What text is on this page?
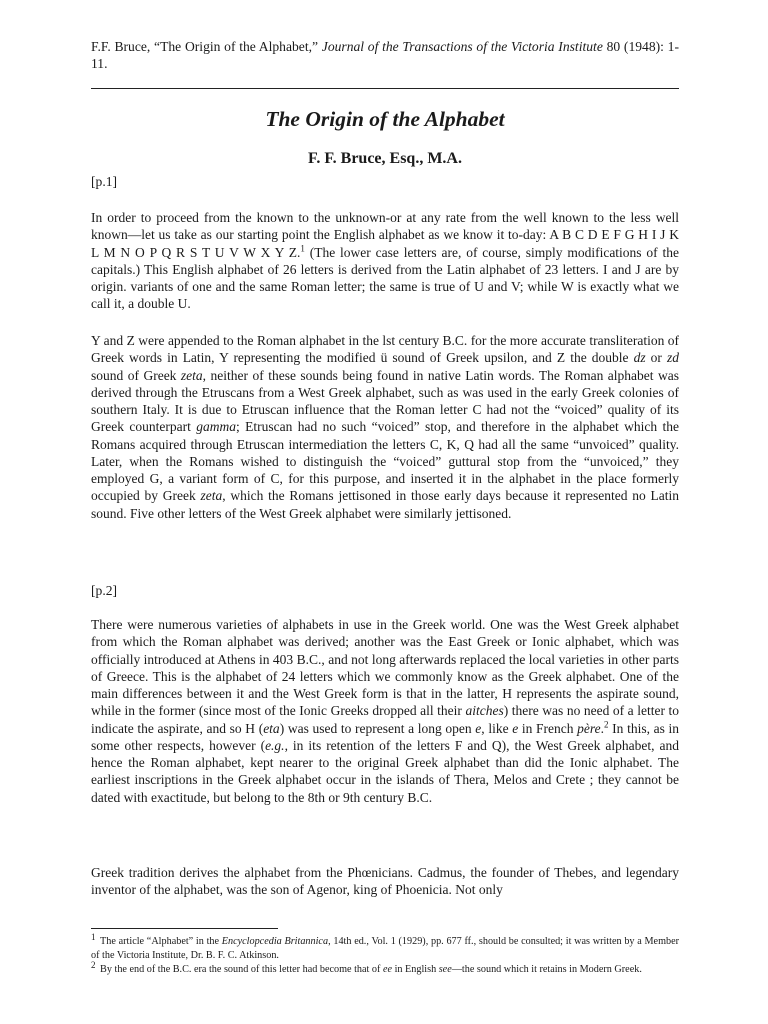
F.F. Bruce, “The Origin of the Alphabet,” Journal of the Transactions of the Victoria Institute 80 (1948): 1-11.
The Origin of the Alphabet
F. F. Bruce, Esq., M.A.
[p.1]

In order to proceed from the known to the unknown-or at any rate from the well known to the less well known—let us take as our starting point the English alphabet as we know it to-day: A B C D E F G H I J K L M N O P Q R S T U V W X Y Z.$^1$ (The lower case letters are, of course, simply modifications of the capitals.) This English alphabet of 26 letters is derived from the Latin alphabet of 23 letters. I and J are by origin. variants of one and the same Roman letter; the same is true of U and V; while W is exactly what we call it, a double U.

Y and Z were appended to the Roman alphabet in the lst century B.C. for the more accurate transliteration of Greek words in Latin, Y representing the modified ü sound of Greek upsilon, and Z the double dz or zd sound of Greek zeta, neither of these sounds being found in native Latin words. The Roman alphabet was derived through the Etruscans from a West Greek alphabet, such as was used in the early Greek colonies of southern Italy. It is due to Etruscan influence that the Roman letter C had not the “voiced” quality of its Greek counterpart gamma; Etruscan had no such “voiced” stop, and therefore in the alphabet which the Romans acquired through Etruscan intermediation the letters C, K, Q had all the same “unvoiced” quality. Later, when the Romans wished to distinguish the “voiced” guttural stop from the “unvoiced,” they employed G, a variant form of C, for this purpose, and inserted it in the alphabet in the place formerly occupied by Greek zeta, which the Romans jettisoned in those early days because it represented no Latin sound. Five other letters of the West Greek alphabet were similarly jettisoned.

[p.2]

There were numerous varieties of alphabets in use in the Greek world. One was the West Greek alphabet from which the Roman alphabet was derived; another was the East Greek or Ionic alphabet, which was officially introduced at Athens in 403 B.C., and not long afterwards replaced the local varieties in other parts of Greece. This is the alphabet of 24 letters which we commonly know as the Greek alphabet. One of the main differences between it and the West Greek form is that in the latter, H represents the aspirate sound, while in the former (since most of the Ionic Greeks dropped all their aitches) there was no need of a letter to indicate the aspirate, and so H (eta) was used to represent a long open e, like e in French père.$^2$ In this, as in some other respects, however (e.g., in its retention of the letters F and Q), the West Greek alphabet, and hence the Roman alphabet, kept nearer to the original Greek alphabet than did the Ionic alphabet. The earliest inscriptions in the Greek alphabet occur in the islands of Thera, Melos and Crete ; they cannot be dated with exactitude, but belong to the 8th or 9th century B.C.

Greek tradition derives the alphabet from the Phœnicians. Cadmus, the founder of Thebes, and legendary inventor of the alphabet, was the son of Agenor, king of Phoenicia. Not only

1 The article “Alphabet” in the Encyclopcedia Britannica, 14th ed., Vol. 1 (1929), pp. 677 ff., should be consulted; it was written by a Member of the Victoria Institute, Dr. B. F. C. Atkinson.

2 By the end of the B.C. era the sound of this letter had become that of ee in English see—the sound which it retains in Modern Greek.
